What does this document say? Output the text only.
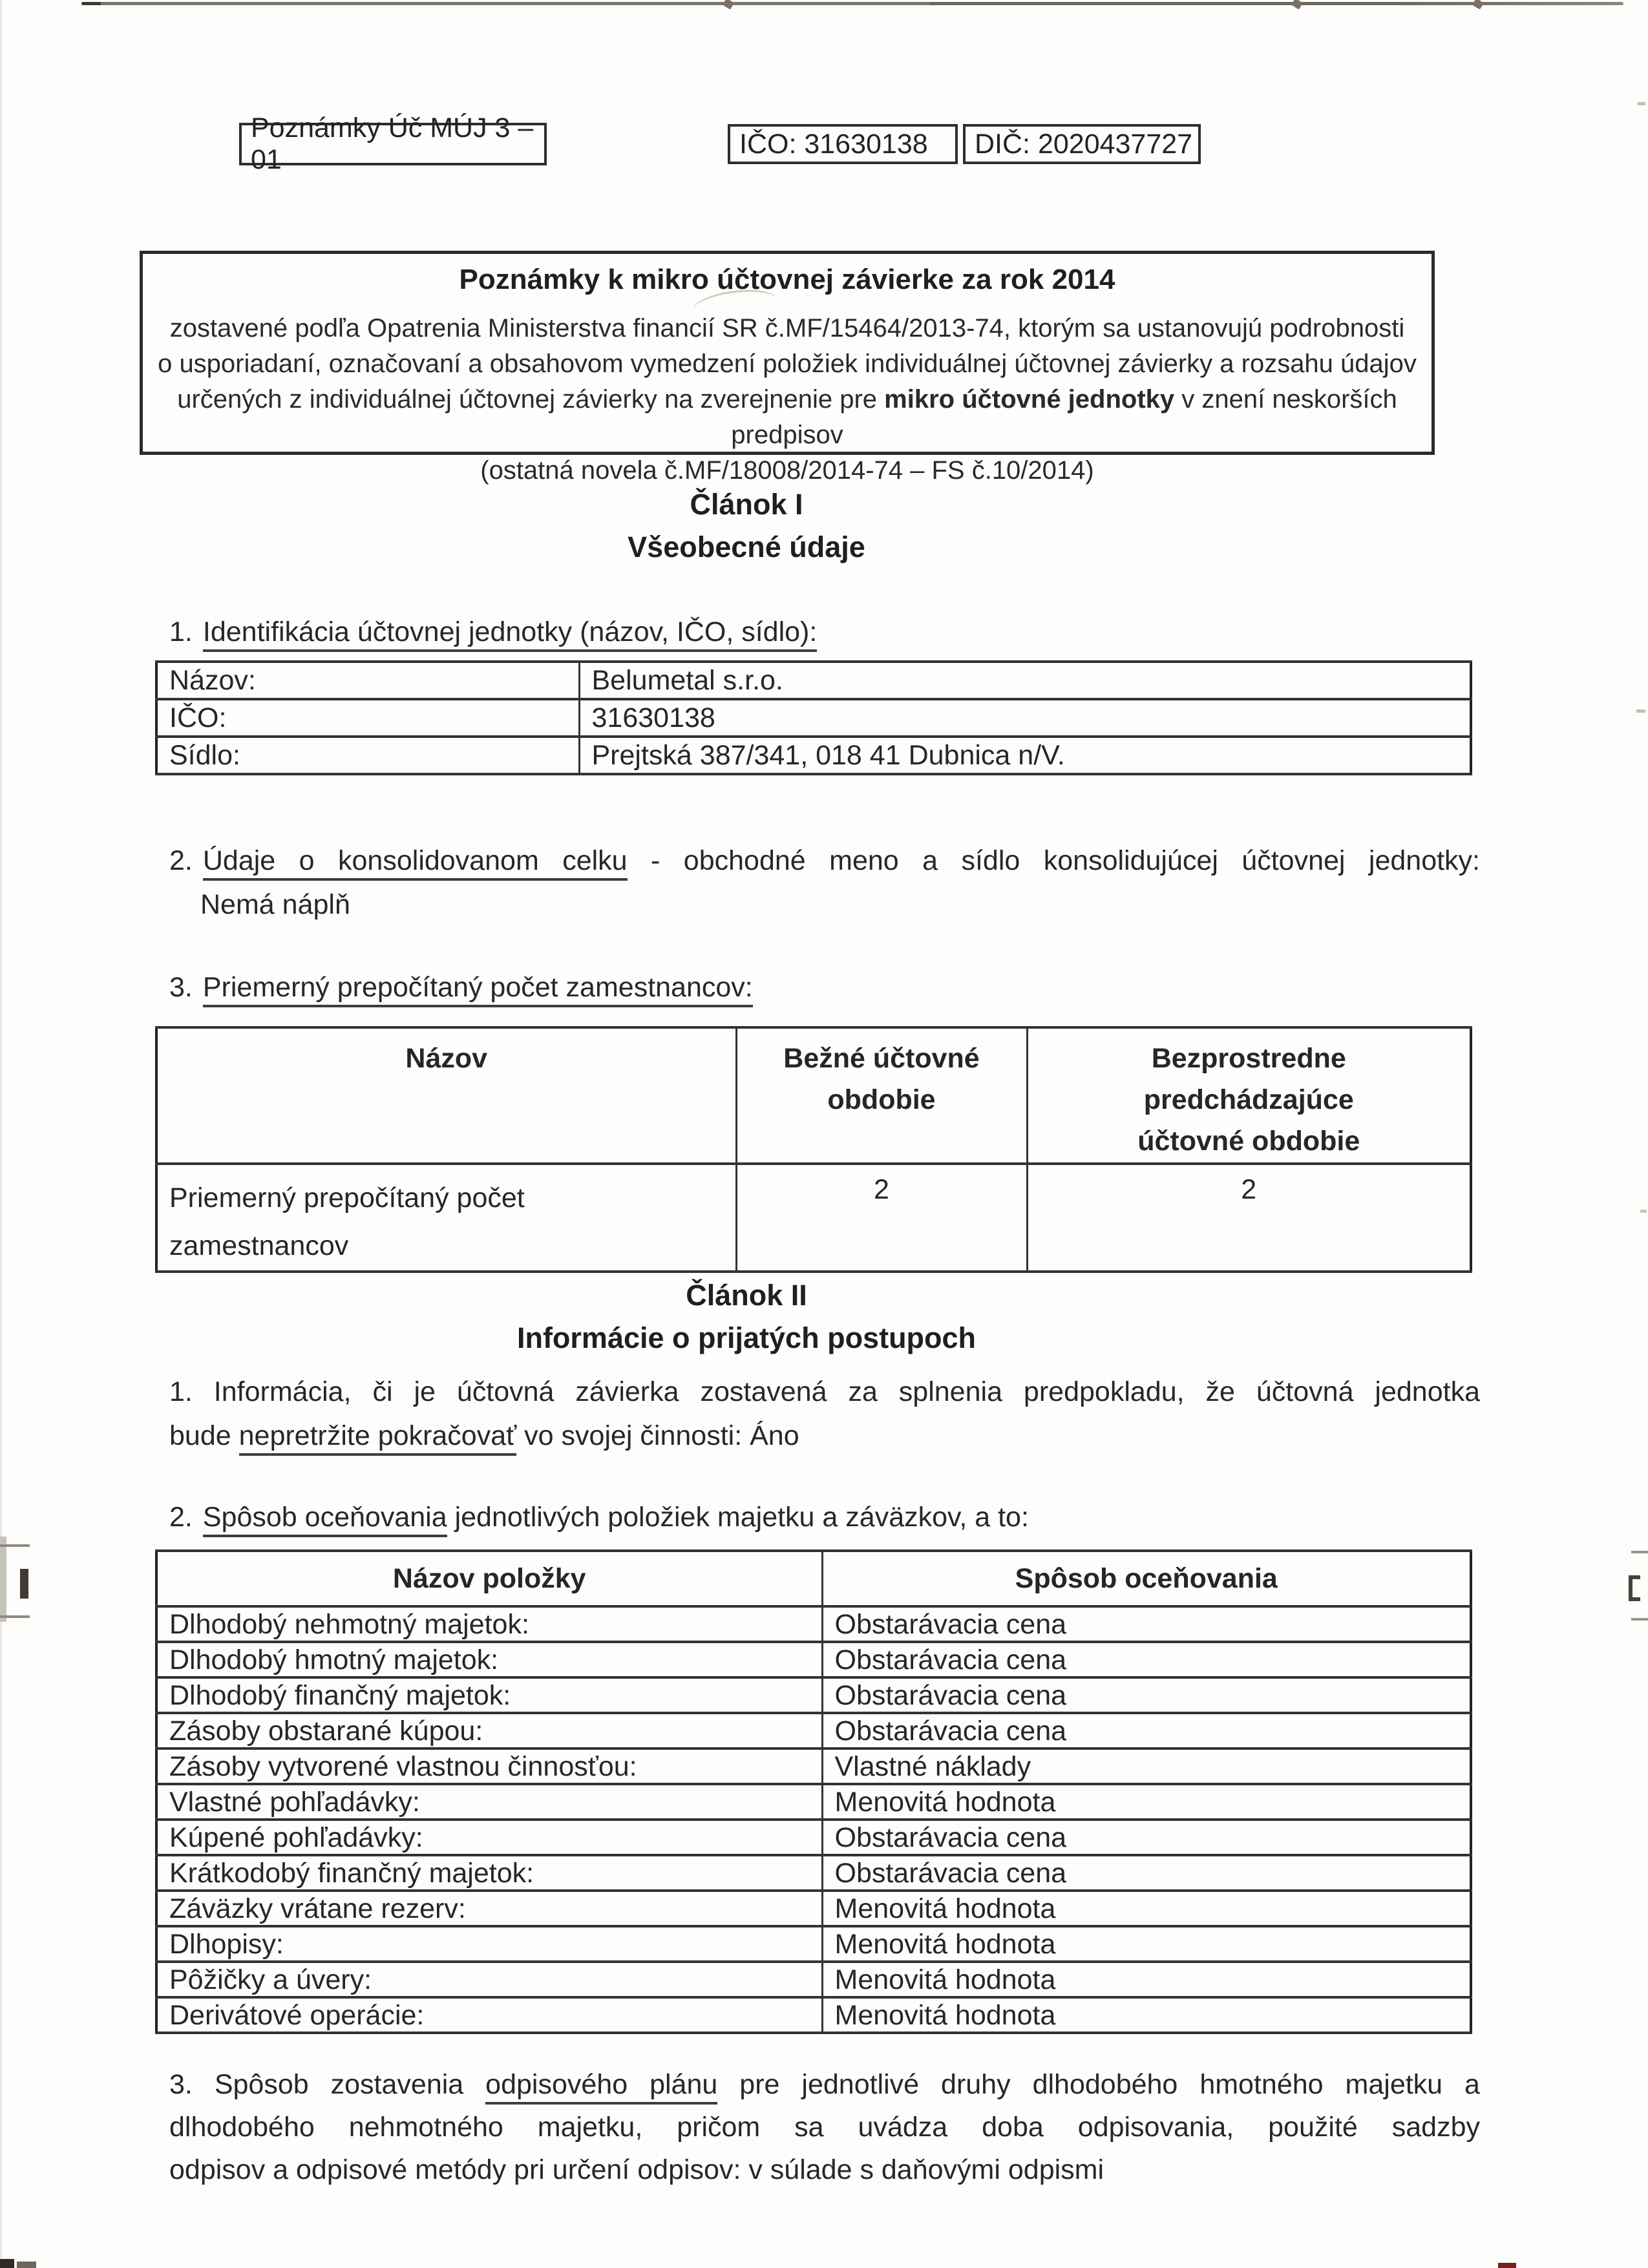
Poznámky Úč MÚJ 3 – 01
IČO: 31630138 DIČ: 2020437727
Poznámky k mikro účtovnej závierke za rok 2014
zostavené podľa Opatrenia Ministerstva financií SR č.MF/15464/2013-74, ktorým sa ustanovujú podrobnosti
o usporiadaní, označovaní a obsahovom vymedzení položiek individuálnej účtovnej závierky a rozsahu údajov
určených z individuálnej účtovnej závierky na zverejnenie pre mikro účtovné jednotky v znení neskorších predpisov
(ostatná novela č.MF/18008/2014-74 – FS č.10/2014)
Článok I
Všeobecné údaje
1. Identifikácia účtovnej jednotky (názov, IČO, sídlo):
Názov:	Belumetal s.r.o.
IČO:	31630138
Sídlo:	Prejtská 387/341, 018 41 Dubnica n/V.
2. Údaje o konsolidovanom celku - obchodné meno a sídlo konsolidujúcej účtovnej jednotky:
Nemá náplň
3. Priemerný prepočítaný počet zamestnancov:
Názov	Bežné účtovné obdobie	Bezprostredne predchádzajúce účtovné obdobie
Priemerný prepočítaný počet zamestnancov	2	2
Článok II
Informácie o prijatých postupoch
1. Informácia, či je účtovná závierka zostavená za splnenia predpokladu, že účtovná jednotka
bude nepretržite pokračovať vo svojej činnosti: Áno
2. Spôsob oceňovania jednotlivých položiek majetku a záväzkov, a to:
Názov položky	Spôsob oceňovania
Dlhodobý nehmotný majetok:	Obstarávacia cena
Dlhodobý hmotný majetok:	Obstarávacia cena
Dlhodobý finančný majetok:	Obstarávacia cena
Zásoby obstarané kúpou:	Obstarávacia cena
Zásoby vytvorené vlastnou činnosťou:	Vlastné náklady
Vlastné pohľadávky:	Menovitá hodnota
Kúpené pohľadávky:	Obstarávacia cena
Krátkodobý finančný majetok:	Obstarávacia cena
Záväzky vrátane rezerv:	Menovitá hodnota
Dlhopisy:	Menovitá hodnota
Pôžičky a úvery:	Menovitá hodnota
Derivátové operácie:	Menovitá hodnota
3. Spôsob zostavenia odpisového plánu pre jednotlivé druhy dlhodobého hmotného majetku a
dlhodobého nehmotného majetku, pričom sa uvádza doba odpisovania, použité sadzby
odpisov a odpisové metódy pri určení odpisov: v súlade s daňovými odpismi
